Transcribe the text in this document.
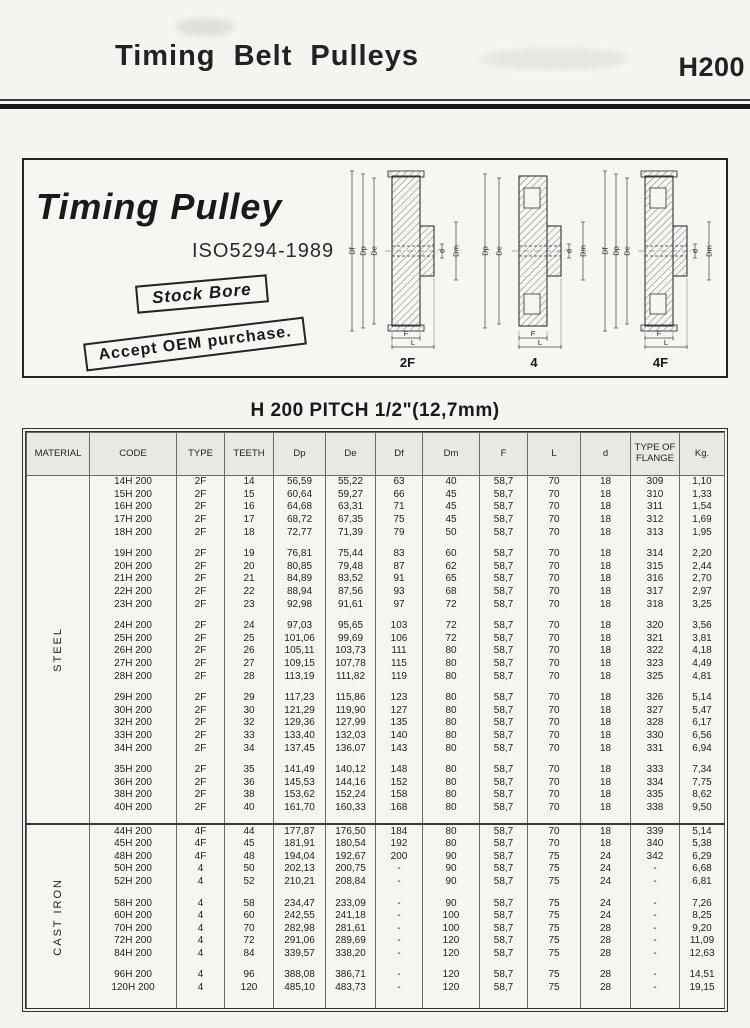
Timing Belt Pulleys	H200
Timing Pulley
ISO5294-1989
Stock Bore
Accept OEM purchase.
Df Dp De	d Dm
F
L
2F
Dp De	d Dm
F
L
4
Df Dp De	d Dm
F
L
4F
H 200 PITCH 1/2"(12,7mm)
MATERIAL	CODE	TYPE	TEETH	Dp	De	Df	Dm	F	L	d	TYPE OF FLANGE	Kg.

STEEL	14H 200	2F	14	56,59	55,22	63	40	58,7	70	18	309	1,10
	15H 200	2F	15	60,64	59,27	66	45	58,7	70	18	310	1,33
	16H 200	2F	16	64,68	63,31	71	45	58,7	70	18	311	1,54
	17H 200	2F	17	68,72	67,35	75	45	58,7	70	18	312	1,69
	18H 200	2F	18	72,77	71,39	79	50	58,7	70	18	313	1,95

	19H 200	2F	19	76,81	75,44	83	60	58,7	70	18	314	2,20
	20H 200	2F	20	80,85	79,48	87	62	58,7	70	18	315	2,44
	21H 200	2F	21	84,89	83,52	91	65	58,7	70	18	316	2,70
	22H 200	2F	22	88,94	87,56	93	68	58,7	70	18	317	2,97
	23H 200	2F	23	92,98	91,61	97	72	58,7	70	18	318	3,25

	24H 200	2F	24	97,03	95,65	103	72	58,7	70	18	320	3,56
	25H 200	2F	25	101,06	99,69	106	72	58,7	70	18	321	3,81
	26H 200	2F	26	105,11	103,73	111	80	58,7	70	18	322	4,18
	27H 200	2F	27	109,15	107,78	115	80	58,7	70	18	323	4,49
	28H 200	2F	28	113,19	111,82	119	80	58,7	70	18	325	4,81

	29H 200	2F	29	117,23	115,86	123	80	58,7	70	18	326	5,14
	30H 200	2F	30	121,29	119,90	127	80	58,7	70	18	327	5,47
	32H 200	2F	32	129,36	127,99	135	80	58,7	70	18	328	6,17
	33H 200	2F	33	133,40	132,03	140	80	58,7	70	18	330	6,56
	34H 200	2F	34	137,45	136,07	143	80	58,7	70	18	331	6,94

	35H 200	2F	35	141,49	140,12	148	80	58,7	70	18	333	7,34
	36H 200	2F	36	145,53	144,16	152	80	58,7	70	18	334	7,75
	38H 200	2F	38	153,62	152,24	158	80	58,7	70	18	335	8,62
	40H 200	2F	40	161,70	160,33	168	80	58,7	70	18	338	9,50

CAST IRON	44H 200	4F	44	177,87	176,50	184	80	58,7	70	18	339	5,14
	45H 200	4F	45	181,91	180,54	192	80	58,7	70	18	340	5,38
	48H 200	4F	48	194,04	192,67	200	90	58,7	75	24	342	6,29
	50H 200	4	50	202,13	200,75	-	90	58,7	75	24	-	6,68
	52H 200	4	52	210,21	208,84	-	90	58,7	75	24	-	6,81

	58H 200	4	58	234,47	233,09	-	90	58,7	75	24	-	7,26
	60H 200	4	60	242,55	241,18	-	100	58,7	75	24	-	8,25
	70H 200	4	70	282,98	281,61	-	100	58,7	75	28	-	9,20
	72H 200	4	72	291,06	289,69	-	120	58,7	75	28	-	11,09
	84H 200	4	84	339,57	338,20	-	120	58,7	75	28	-	12,63

	96H 200	4	96	388,08	386,71	-	120	58,7	75	28	-	14,51
	120H 200	4	120	485,10	483,73	-	120	58,7	75	28	-	19,15
